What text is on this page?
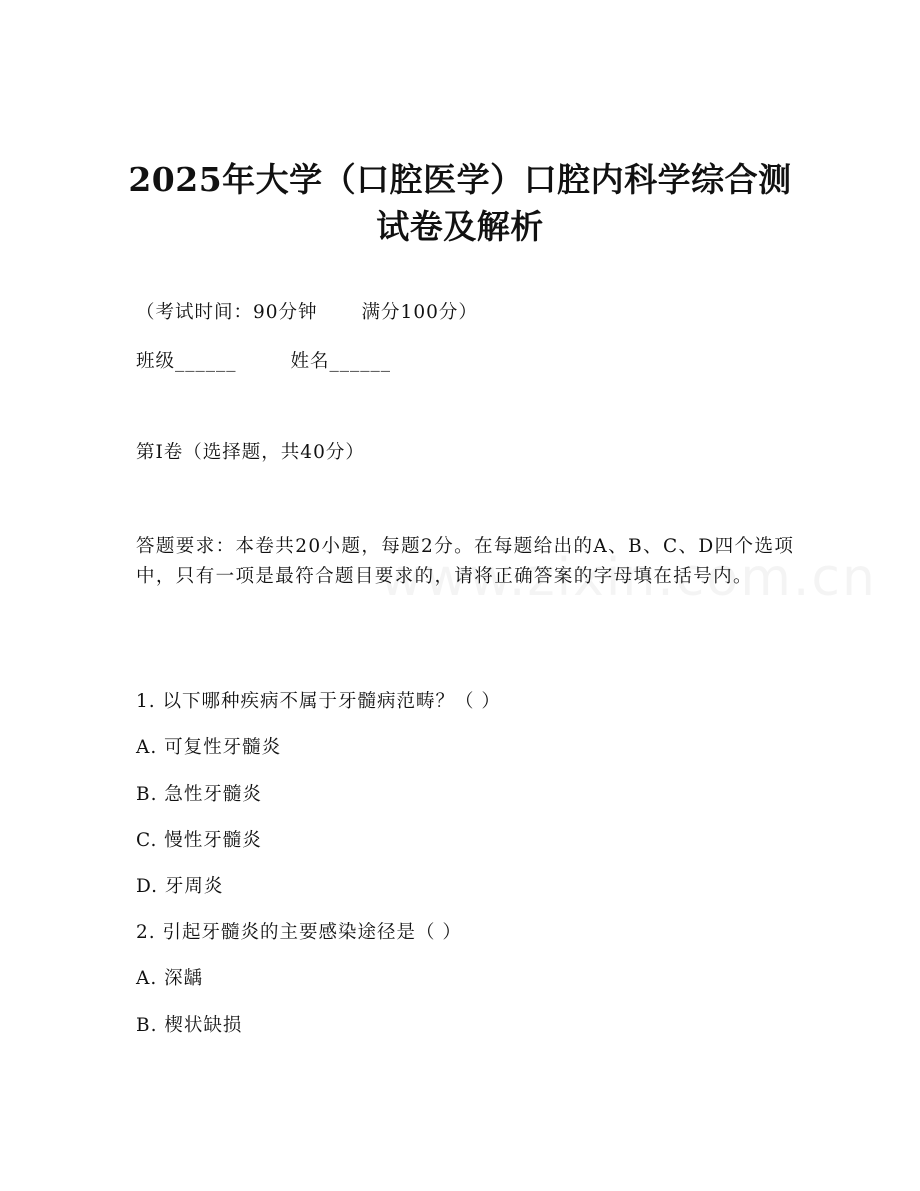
2025年大学（口腔医学）口腔内科学综合测
试卷及解析
（考试时间：90分钟 满分100分）
班级______	姓名______
第I卷（选择题，共40分）
答题要求：本卷共20小题，每题2分。在每题给出的A、B、C、D四个选项中，只有一项是最符合题目要求的，请将正确答案的字母填在括号内。
1. 以下哪种疾病不属于牙髓病范畴？（ ）
A. 可复性牙髓炎
B. 急性牙髓炎
C. 慢性牙髓炎
D. 牙周炎
2. 引起牙髓炎的主要感染途径是（ ）
A. 深龋
B. 楔状缺损
